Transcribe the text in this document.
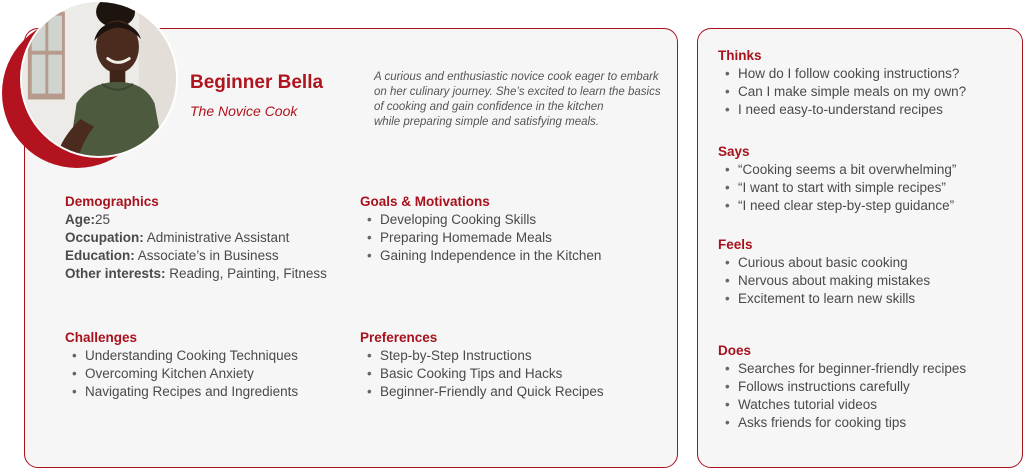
Beginner Bella
The Novice Cook
A curious and enthusiastic novice cook eager to embark
on her culinary journey. She’s excited to learn the basics
of cooking and gain confidence in the kitchen
while preparing simple and satisfying meals.
Demographics
Age:25
Occupation: Administrative Assistant
Education: Associate’s in Business
Other interests: Reading, Painting, Fitness
Goals & Motivations
• Developing Cooking Skills
• Preparing Homemade Meals
• Gaining Independence in the Kitchen
Challenges
• Understanding Cooking Techniques
• Overcoming Kitchen Anxiety
• Navigating Recipes and Ingredients
Preferences
• Step-by-Step Instructions
• Basic Cooking Tips and Hacks
• Beginner-Friendly and Quick Recipes
Thinks
• How do I follow cooking instructions?
• Can I make simple meals on my own?
• I need easy-to-understand recipes
Says
• “Cooking seems a bit overwhelming”
• “I want to start with simple recipes”
• “I need clear step-by-step guidance”
Feels
• Curious about basic cooking
• Nervous about making mistakes
• Excitement to learn new skills
Does
• Searches for beginner-friendly recipes
• Follows instructions carefully
• Watches tutorial videos
• Asks friends for cooking tips
